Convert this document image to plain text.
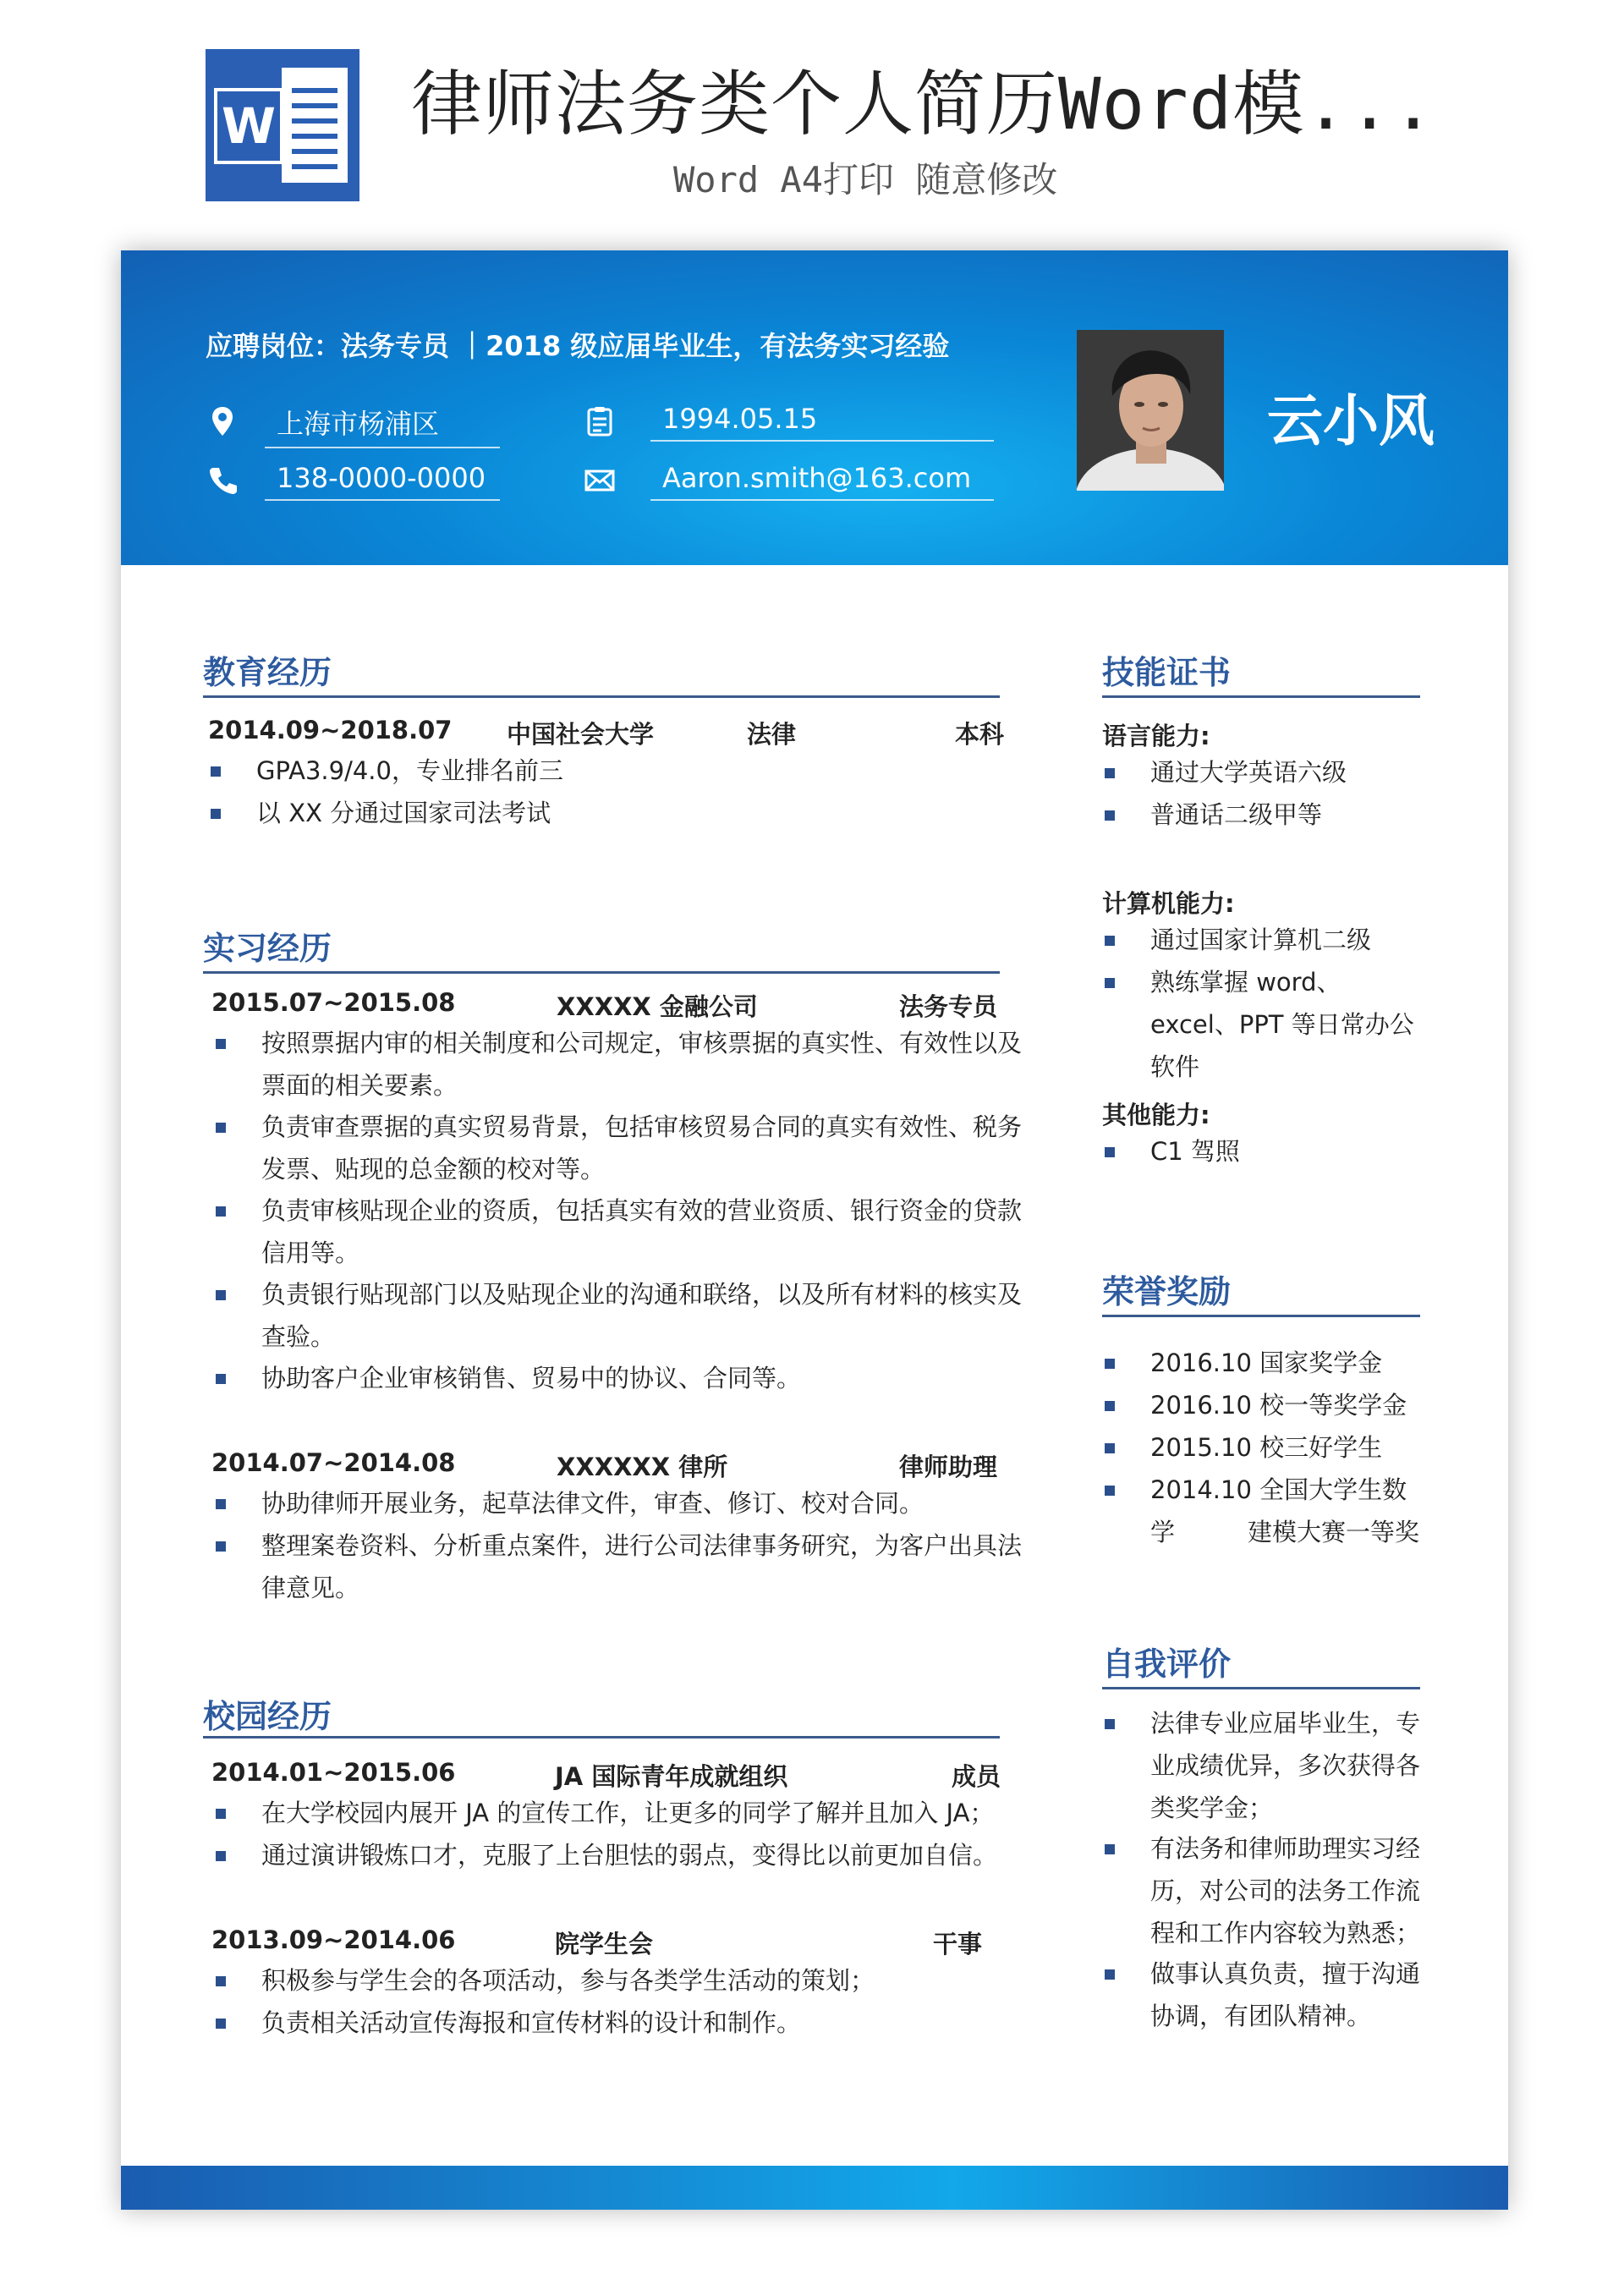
W 律师法务类个人简历Word模...
Word A4打印 随意修改
应聘岗位：法务专员 ｜2018 级应届毕业生，有法务实习经验
上海市杨浦区
138-0000-0000
1994.05.15
Aaron.smith@163.com
云小风
教育经历
2014.09~2018.07 中国社会大学	法律	本科
GPA3.9/4.0，专业排名前三
以 XX 分通过国家司法考试
实习经历
2015.07~2015.08	XXXXX 金融公司	法务专员
按照票据内审的相关制度和公司规定，审核票据的真实性、有效性以及票面的相关要素。
负责审查票据的真实贸易背景，包括审核贸易合同的真实有效性、税务发票、贴现的总金额的校对等。
负责审核贴现企业的资质，包括真实有效的营业资质、银行资金的贷款信用等。
负责银行贴现部门以及贴现企业的沟通和联络，以及所有材料的核实及查验。
协助客户企业审核销售、贸易中的协议、合同等。
2014.07~2014.08	XXXXXX 律所	律师助理
协助律师开展业务，起草法律文件，审查、修订、校对合同。
整理案卷资料、分析重点案件，进行公司法律事务研究，为客户出具法律意见。
校园经历
2014.01~2015.06	JA 国际青年成就组织	成员
在大学校园内展开 JA 的宣传工作，让更多的同学了解并且加入 JA；
通过演讲锻炼口才，克服了上台胆怯的弱点，变得比以前更加自信。
2013.09~2014.06	院学生会	干事
积极参与学生会的各项活动，参与各类学生活动的策划；
负责相关活动宣传海报和宣传材料的设计和制作。
技能证书
语言能力:
通过大学英语六级
普通话二级甲等
计算机能力:
通过国家计算机二级
熟练掌握 word、excel、PPT 等日常办公软件
其他能力:
C1 驾照
荣誉奖励
2016.10 国家奖学金
2016.10 校一等奖学金
2015.10 校三好学生
2014.10 全国大学生数学	建模大赛一等奖
自我评价
法律专业应届毕业生，专业成绩优异，多次获得各类奖学金；
有法务和律师助理实习经历，对公司的法务工作流程和工作内容较为熟悉；
做事认真负责，擅于沟通协调，有团队精神。
